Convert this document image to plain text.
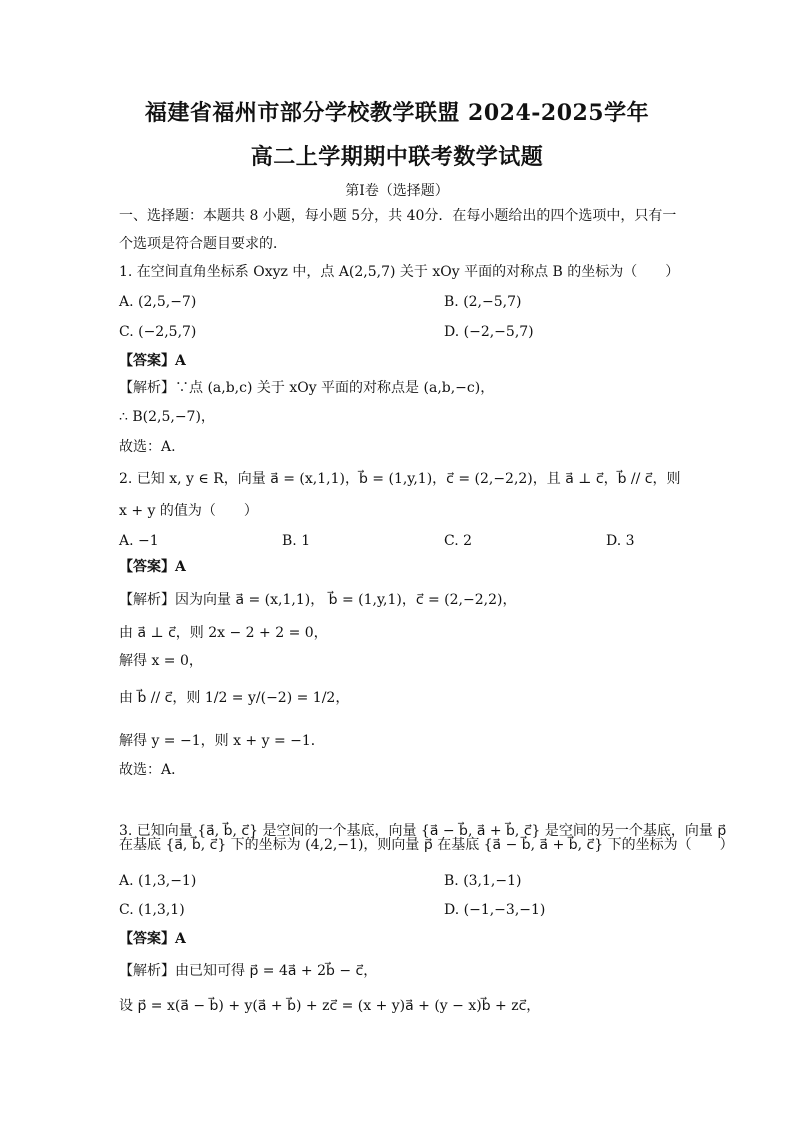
福建省福州市部分学校教学联盟 2024-2025学年
高二上学期期中联考数学试题
第Ⅰ卷（选择题）
一、选择题：本题共 8 小题，每小题 5分，共 40分．在每小题给出的四个选项中，只有一
个选项是符合题目要求的．
1. 在空间直角坐标系 Oxyz 中，点 A(2,5,7) 关于 xOy 平面的对称点 B 的坐标为（　　）
A. (2,5,−7)	B. (2,−5,7)
C. (−2,5,7)	D. (−2,−5,7)
【答案】A
【解析】∵点 (a,b,c) 关于 xOy 平面的对称点是 (a,b,−c)，
∴ B(2,5,−7)，
故选：A.
2. 已知 x, y ∈ R，向量 a⃗ = (x,1,1)，b⃗ = (1,y,1)，c⃗ = (2,−2,2)，且 a⃗ ⊥ c⃗，b⃗ // c⃗，则
x + y 的值为（　　）
A. −1	B. 1	C. 2	D. 3
【答案】A
【解析】因为向量 a⃗ = (x,1,1)， b⃗ = (1,y,1)，c⃗ = (2,−2,2)，
由 a⃗ ⊥ c⃗，则 2x − 2 + 2 = 0，
解得 x = 0，
由 b⃗ // c⃗，则 1/2 = y/(−2) = 1/2，
解得 y = −1，则 x + y = −1．
故选：A．
3. 已知向量 {a⃗, b⃗, c⃗} 是空间的一个基底，向量 {a⃗ − b⃗, a⃗ + b⃗, c⃗} 是空间的另一个基底，向量 p⃗
在基底 {a⃗, b⃗, c⃗} 下的坐标为 (4,2,−1)，则向量 p⃗ 在基底 {a⃗ − b⃗, a⃗ + b⃗, c⃗} 下的坐标为（　　）
A. (1,3,−1)	B. (3,1,−1)
C. (1,3,1)	D. (−1,−3,−1)
【答案】A
【解析】由已知可得 p⃗ = 4a⃗ + 2b⃗ − c⃗，
设 p⃗ = x(a⃗ − b⃗) + y(a⃗ + b⃗) + zc⃗ = (x + y)a⃗ + (y − x)b⃗ + zc⃗，
